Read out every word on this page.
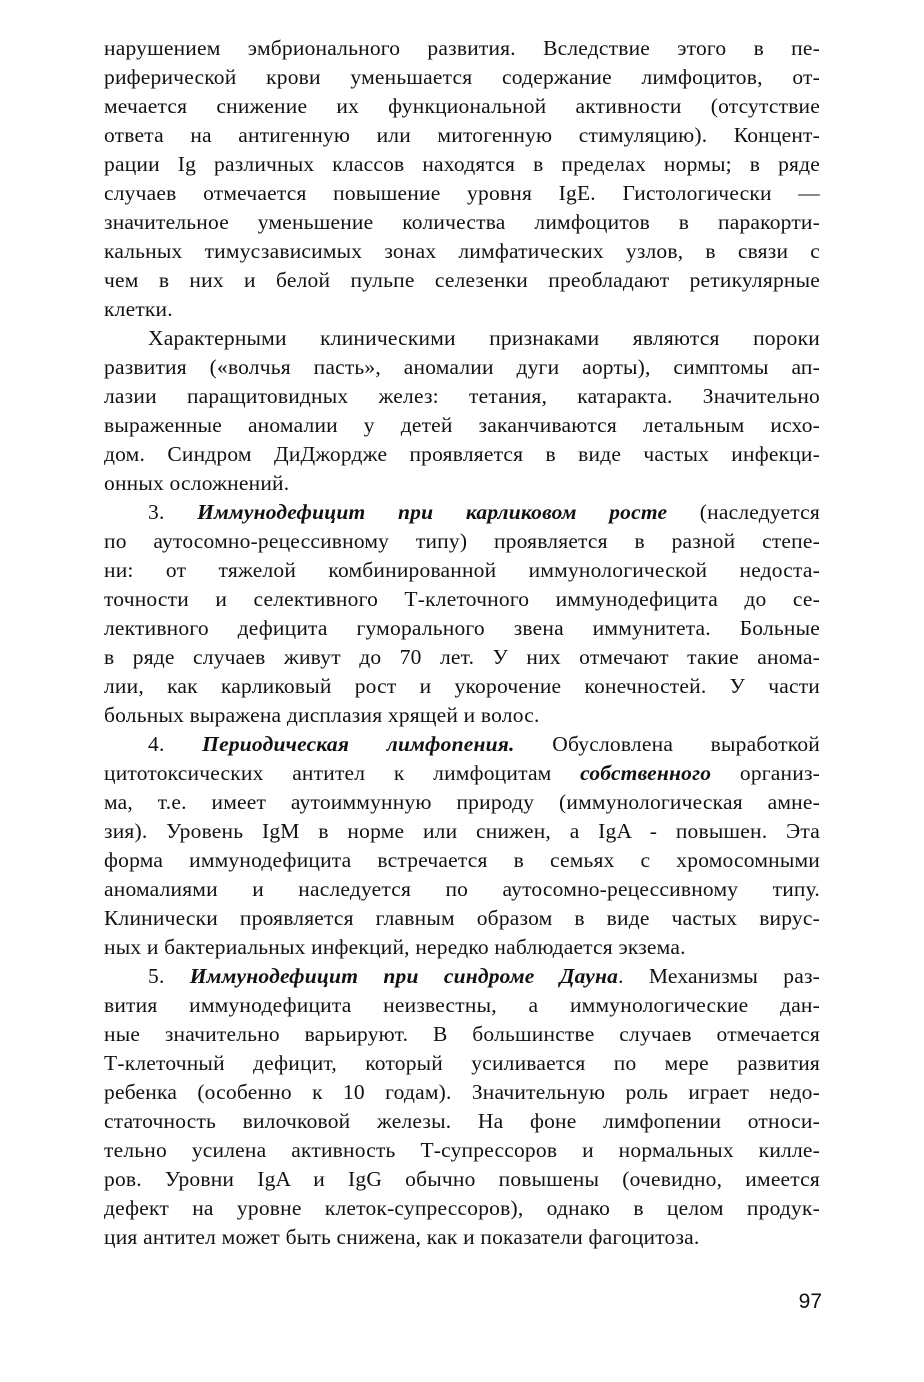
нарушением эмбрионального развития. Вследствие этого в пе-
риферической крови уменьшается содержание лимфоцитов, от-
мечается снижение их функциональной активности (отсутствие
ответа на антигенную или митогенную стимуляцию). Концент-
рации Ig различных классов находятся в пределах нормы; в ряде
случаев отмечается повышение уровня IgE. Гистологически —
значительное уменьшение количества лимфоцитов в паракорти-
кальных тимусзависимых зонах лимфатических узлов, в связи с
чем в них и белой пульпе селезенки преобладают ретикулярные
клетки.
Характерными клиническими признаками являются пороки
развития («волчья пасть», аномалии дуги аорты), симптомы ап-
лазии паращитовидных желез: тетания, катаракта. Значительно
выраженные аномалии у детей заканчиваются летальным исхо-
дом. Синдром ДиДжордже проявляется в виде частых инфекци-
онных осложнений.
3. Иммунодефицит при карликовом росте (наследуется
по аутосомно-рецессивному типу) проявляется в разной степе-
ни: от тяжелой комбинированной иммунологической недоста-
точности и селективного Т-клеточного иммунодефицита до се-
лективного дефицита гуморального звена иммунитета. Больные
в ряде случаев живут до 70 лет. У них отмечают такие анома-
лии, как карликовый рост и укорочение конечностей. У части
больных выражена дисплазия хрящей и волос.
4. Периодическая лимфопения. Обусловлена выработкой
цитотоксических антител к лимфоцитам собственного организ-
ма, т.е. имеет аутоиммунную природу (иммунологическая амне-
зия). Уровень IgM в норме или снижен, а IgA - повышен. Эта
форма иммунодефицита встречается в семьях с хромосомными
аномалиями и наследуется по аутосомно-рецессивному типу.
Клинически проявляется главным образом в виде частых вирус-
ных и бактериальных инфекций, нередко наблюдается экзема.
5. Иммунодефицит при синдроме Дауна. Механизмы раз-
вития иммунодефицита неизвестны, а иммунологические дан-
ные значительно варьируют. В большинстве случаев отмечается
Т-клеточный дефицит, который усиливается по мере развития
ребенка (особенно к 10 годам). Значительную роль играет недо-
статочность вилочковой железы. На фоне лимфопении относи-
тельно усилена активность Т-супрессоров и нормальных килле-
ров. Уровни IgA и IgG обычно повышены (очевидно, имеется
дефект на уровне клеток-супрессоров), однако в целом продук-
ция антител может быть снижена, как и показатели фагоцитоза.
97
